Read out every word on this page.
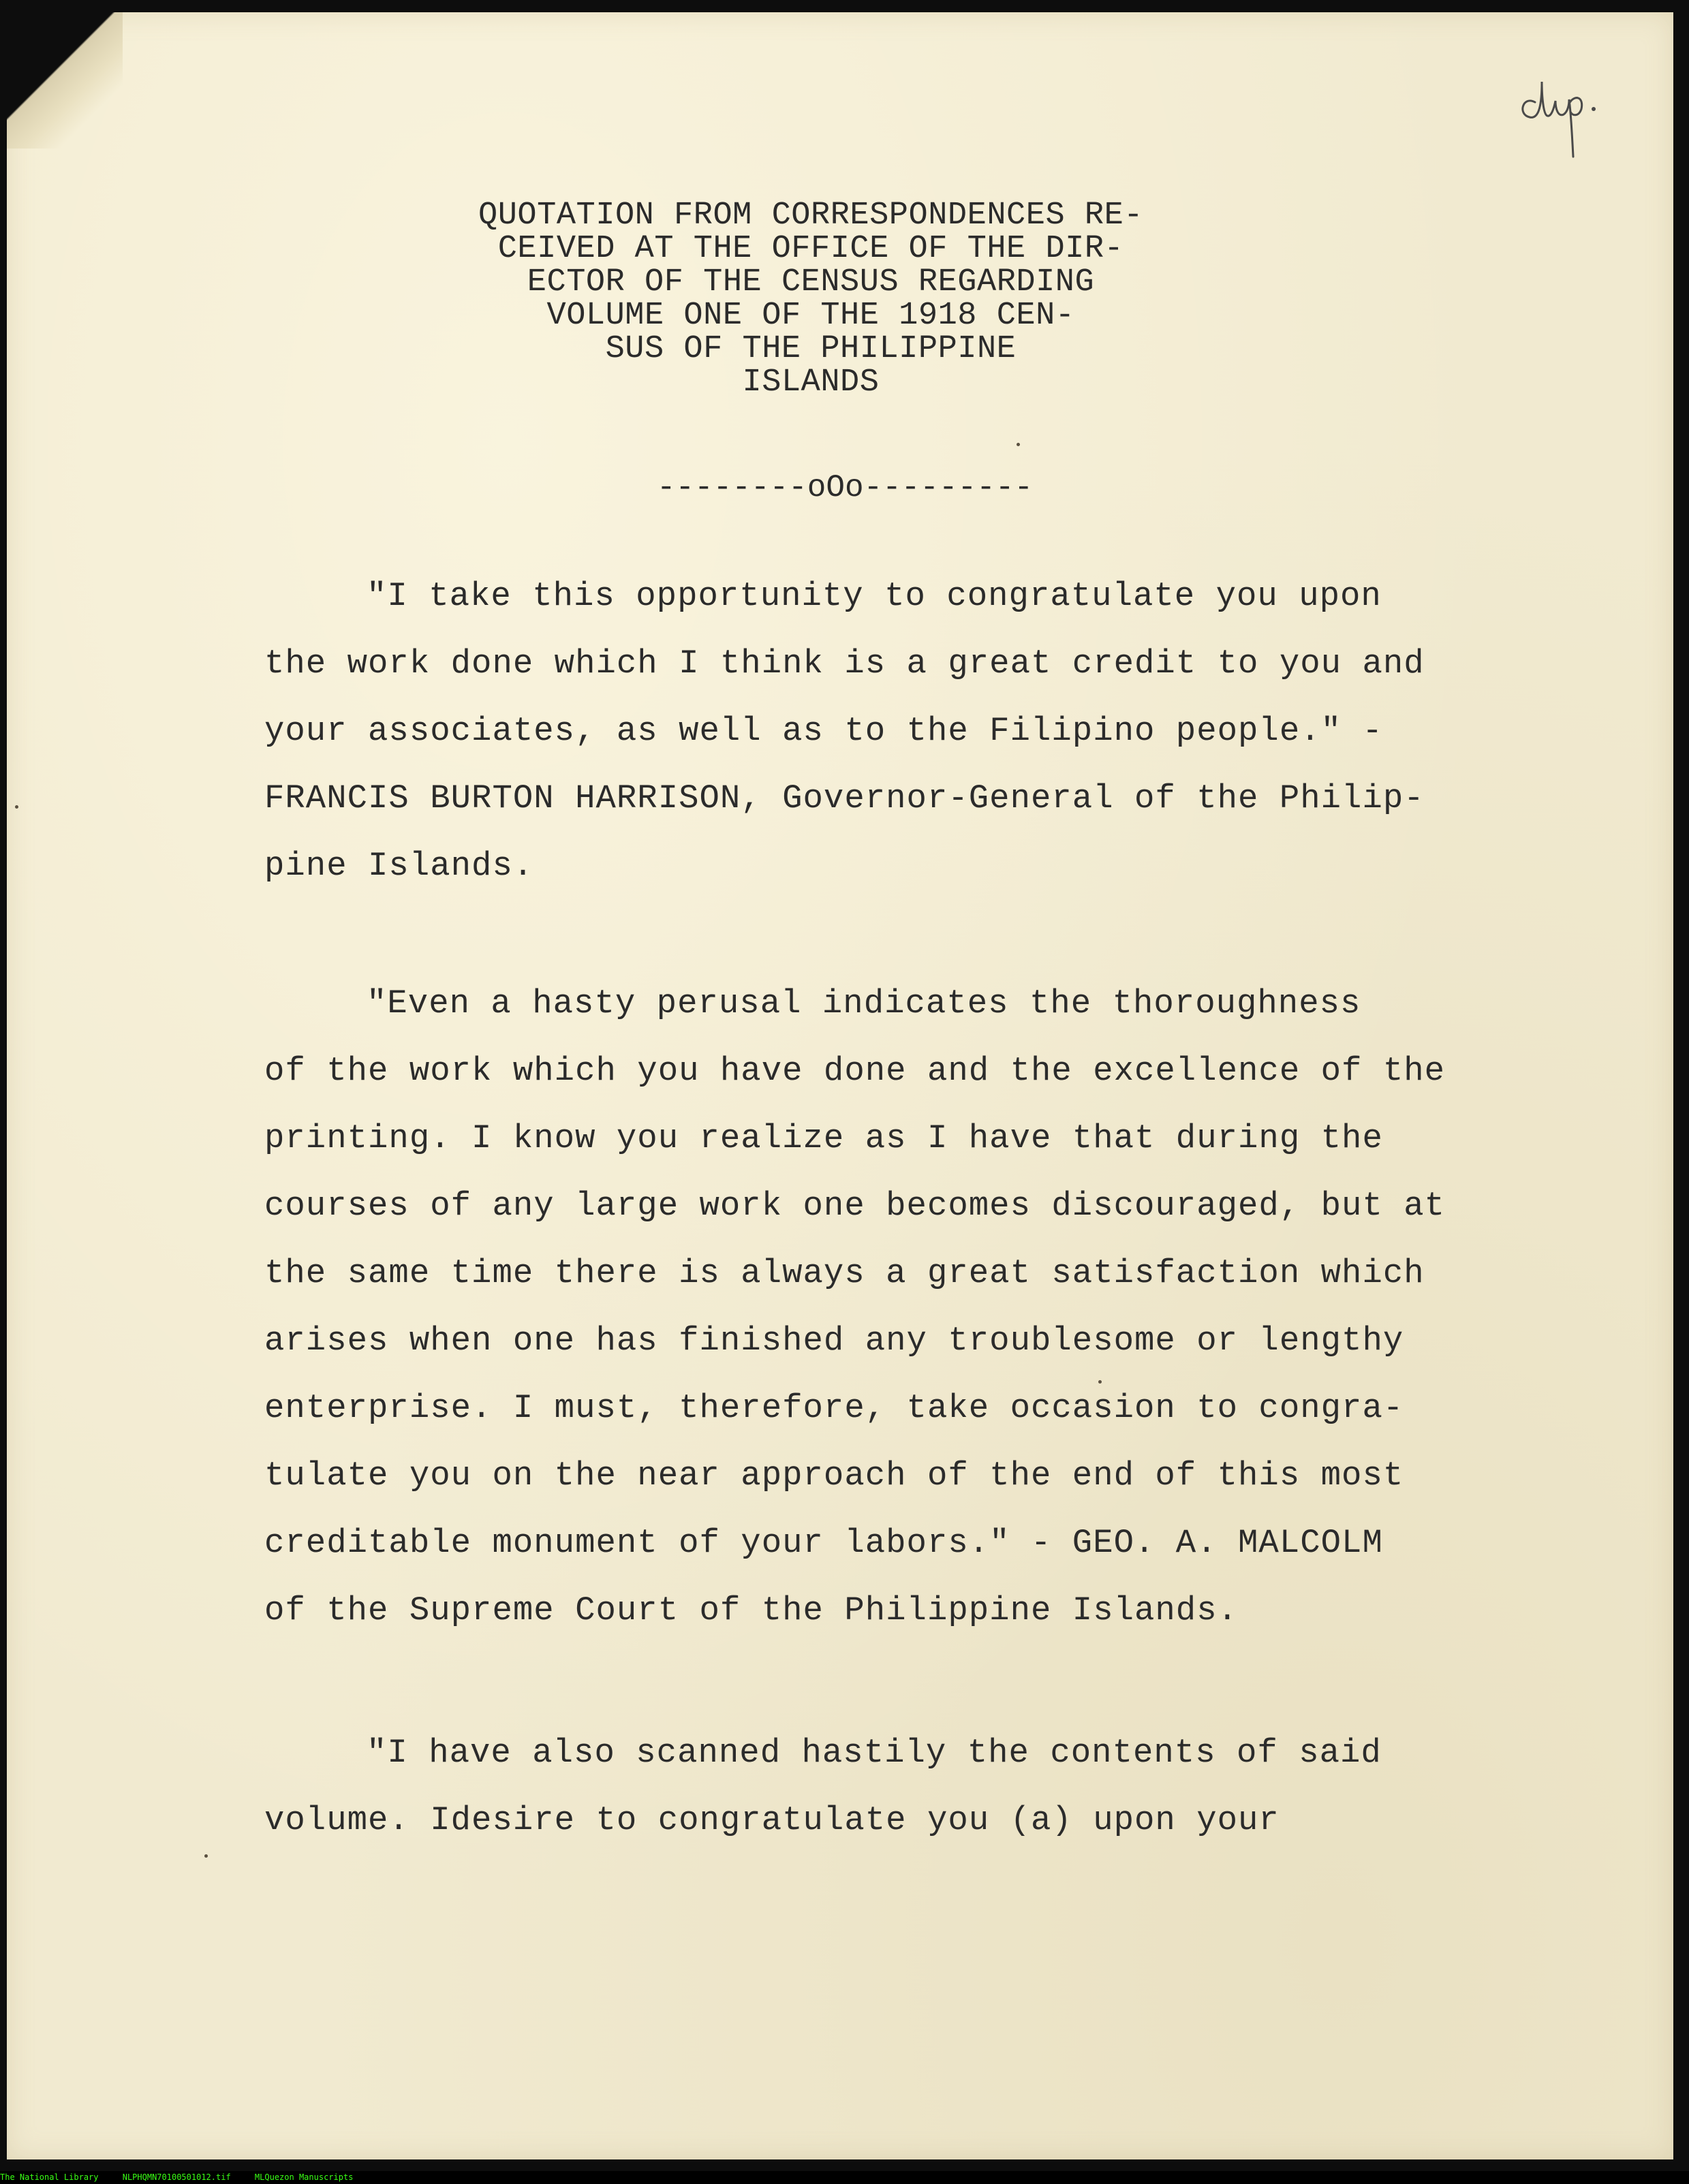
QUOTATION FROM CORRESPONDENCES RE-
CEIVED AT THE OFFICE OF THE DIR-
ECTOR OF THE CENSUS REGARDING
VOLUME ONE OF THE 1918 CEN-
SUS OF THE PHILIPPINE
ISLANDS
--------oOo---------
"I take this opportunity to congratulate you upon
the work done which I think is a great credit to you and
your associates, as well as to the Filipino people." -
FRANCIS BURTON HARRISON, Governor-General of the Philip-
pine Islands.
"Even a hasty perusal indicates the thoroughness
of the work which you have done and the excellence of the
printing. I know you realize as I have that during the
courses of any large work one becomes discouraged, but at
the same time there is always a great satisfaction which
arises when one has finished any troublesome or lengthy
enterprise. I must, therefore, take occasion to congra-
tulate you on the near approach of the end of this most
creditable monument of your labors." - GEO. A. MALCOLM
of the Supreme Court of the Philippine Islands.
"I have also scanned hastily the contents of said
volume. Idesire to congratulate you (a) upon your
The National Library	NLPHQMN70100501012.tif	MLQuezon Manuscripts
